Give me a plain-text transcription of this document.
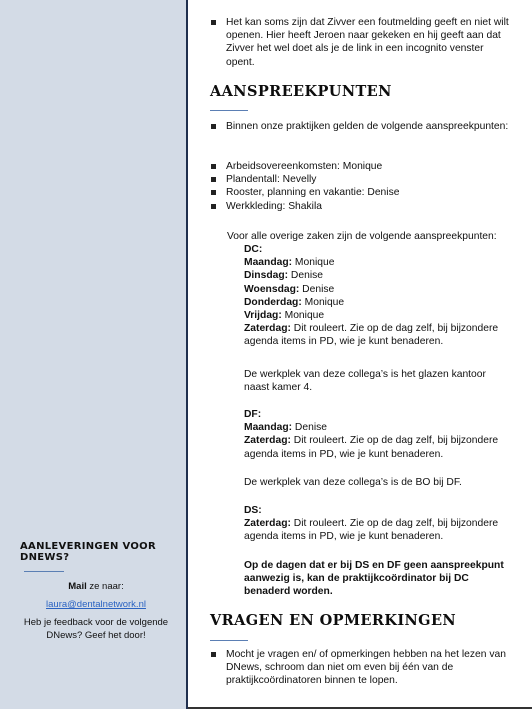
AANLEVERINGEN VOOR DNEWS?

Mail ze naar:

laura@dentalnetwork.nl

Heb je feedback voor de volgende DNews? Geef het door!

Het kan soms zijn dat Zivver een foutmelding geeft en niet wilt openen. Hier heeft Jeroen naar gekeken en hij geeft aan dat Zivver het wel doet als je de link in een incognito venster opent.

AANSPREEKPUNTEN

Binnen onze praktijken gelden de volgende aanspreekpunten:
Arbeidsovereenkomsten: Monique
Plandentall: Nevelly
Rooster, planning en vakantie: Denise
Werkkleding: Shakila

Voor alle overige zaken zijn de volgende aanspreekpunten:

DC:

Maandag: Monique

Dinsdag: Denise

Woensdag: Denise

Donderdag: Monique

Vrijdag: Monique

Zaterdag: Dit rouleert. Zie op de dag zelf, bij bijzondere agenda items in PD, wie je kunt benaderen.

De werkplek van deze collega’s is het glazen kantoor naast kamer 4.

DF:

Maandag: Denise

Zaterdag: Dit rouleert. Zie op de dag zelf, bij bijzondere agenda items in PD, wie je kunt benaderen.

De werkplek van deze collega’s is de BO bij DF.

DS:

Zaterdag: Dit rouleert. Zie op de dag zelf, bij bijzondere agenda items in PD, wie je kunt benaderen.

Op de dagen dat er bij DS en DF geen aanspreekpunt aanwezig is, kan de praktijkcoördinator bij DC benaderd worden.

VRAGEN EN OPMERKINGEN

Mocht je vragen en/ of opmerkingen hebben na het lezen van DNews, schroom dan niet om even bij één van de praktijkcoördinatoren binnen te lopen.
